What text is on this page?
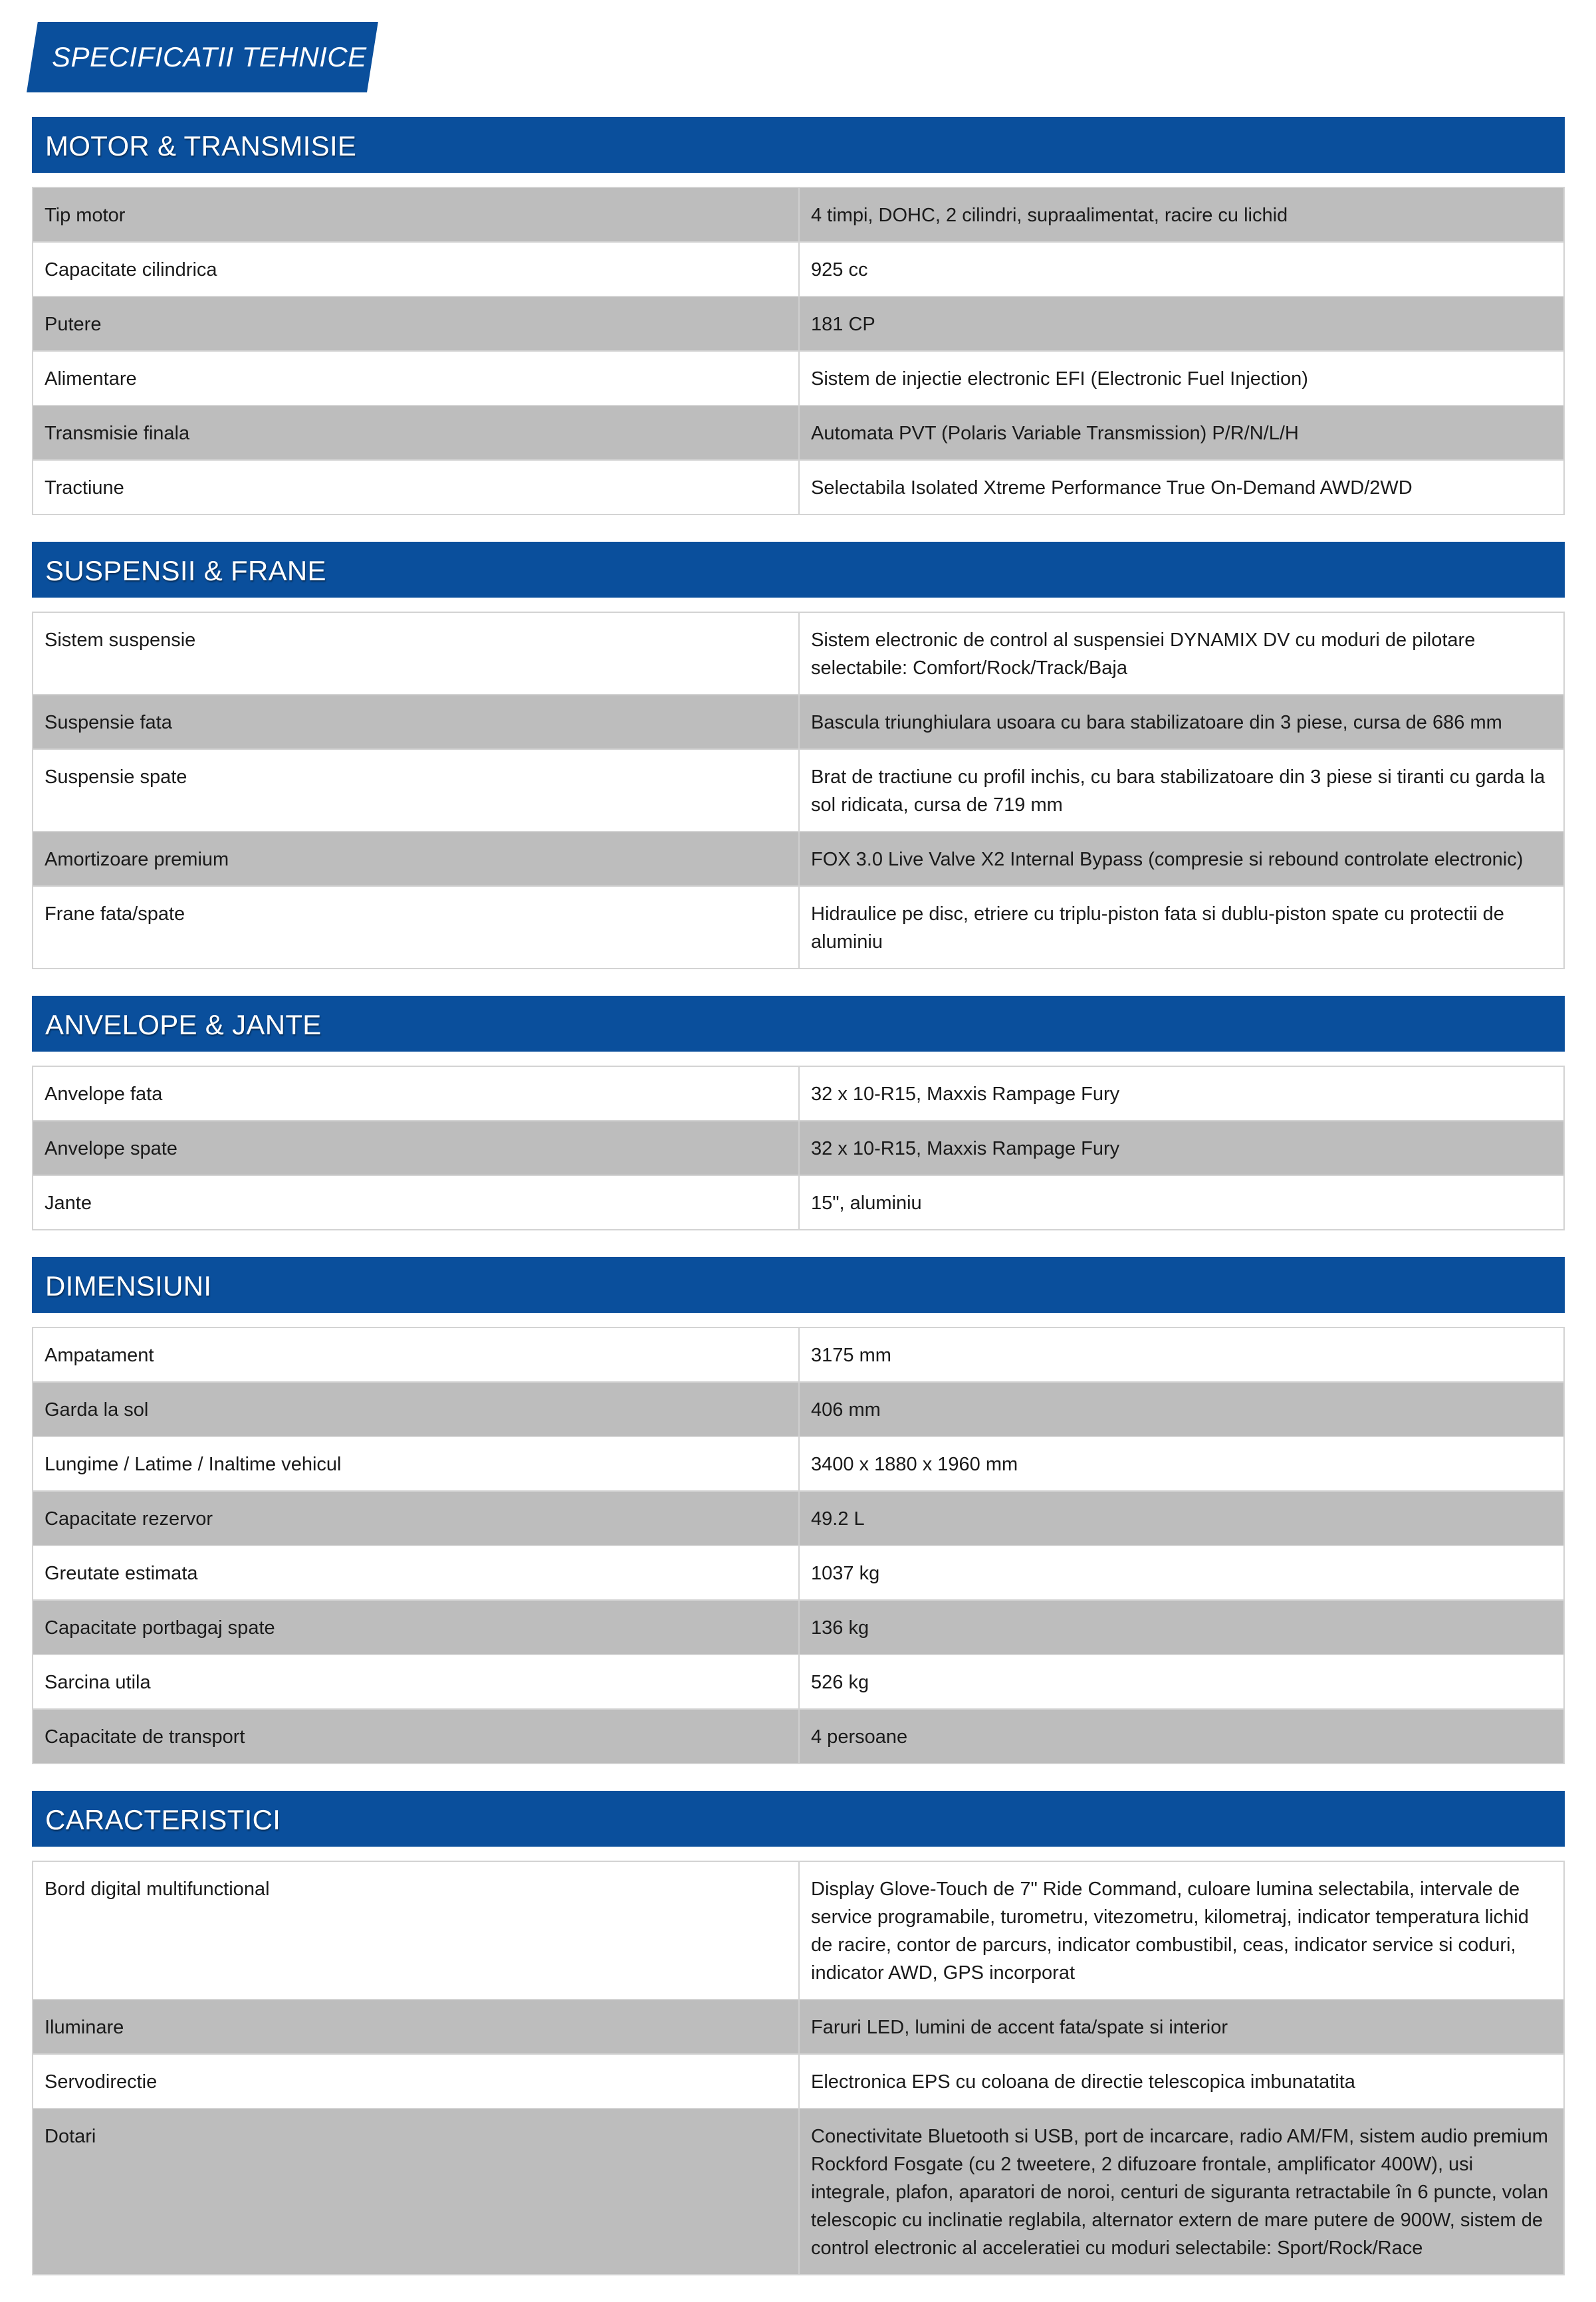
SPECIFICATII TEHNICE
MOTOR & TRANSMISIE
Tip motor	4 timpi, DOHC, 2 cilindri, supraalimentat, racire cu lichid
Capacitate cilindrica	925 cc
Putere	181 CP
Alimentare	Sistem de injectie electronic EFI (Electronic Fuel Injection)
Transmisie finala	Automata PVT (Polaris Variable Transmission) P/R/N/L/H
Tractiune	Selectabila Isolated Xtreme Performance True On-Demand AWD/2WD
SUSPENSII & FRANE
Sistem suspensie	Sistem electronic de control al suspensiei DYNAMIX DV cu moduri de pilotare selectabile: Comfort/Rock/Track/Baja
Suspensie fata	Bascula triunghiulara usoara cu bara stabilizatoare din 3 piese, cursa de 686 mm
Suspensie spate	Brat de tractiune cu profil inchis, cu bara stabilizatoare din 3 piese si tiranti cu garda la sol ridicata, cursa de 719 mm
Amortizoare premium	FOX 3.0 Live Valve X2 Internal Bypass (compresie si rebound controlate electronic)
Frane fata/spate	Hidraulice pe disc, etriere cu triplu-piston fata si dublu-piston spate cu protectii de aluminiu
ANVELOPE & JANTE
Anvelope fata	32 x 10-R15, Maxxis Rampage Fury
Anvelope spate	32 x 10-R15, Maxxis Rampage Fury
Jante	15", aluminiu
DIMENSIUNI
Ampatament	3175 mm
Garda la sol	406 mm
Lungime / Latime / Inaltime vehicul	3400 x 1880 x 1960 mm
Capacitate rezervor	49.2 L
Greutate estimata	1037 kg
Capacitate portbagaj spate	136 kg
Sarcina utila	526 kg
Capacitate de transport	4 persoane
CARACTERISTICI
Bord digital multifunctional	Display Glove-Touch de 7" Ride Command, culoare lumina selectabila, intervale de service programabile, turometru, vitezometru, kilometraj, indicator temperatura lichid de racire, contor de parcurs, indicator combustibil, ceas, indicator service si coduri, indicator AWD, GPS incorporat
Iluminare	Faruri LED, lumini de accent fata/spate si interior
Servodirectie	Electronica EPS cu coloana de directie telescopica imbunatatita
Dotari	Conectivitate Bluetooth si USB, port de incarcare, radio AM/FM, sistem audio premium Rockford Fosgate (cu 2 tweetere, 2 difuzoare frontale, amplificator 400W), usi integrale, plafon, aparatori de noroi, centuri de siguranta retractabile în 6 puncte, volan telescopic cu inclinatie reglabila, alternator extern de mare putere de 900W, sistem de control electronic al acceleratiei cu moduri selectabile: Sport/Rock/Race
